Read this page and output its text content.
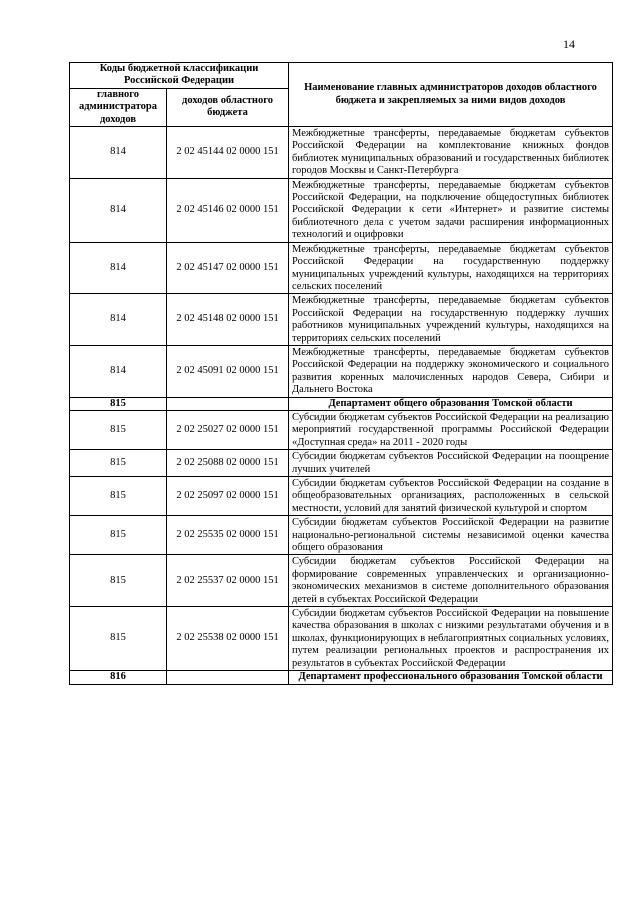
14
Коды бюджетной классификации Российской Федерации		Наименование главных администраторов доходов областного бюджета и закрепляемых за ними видов доходов
главного администратора доходов	доходов областного бюджета	
814	2 02 45144 02 0000 151	Межбюджетные трансферты, передаваемые бюджетам субъектов Российской Федерации на комплектование книжных фондов библиотек муниципальных образований и государственных библиотек городов Москвы и Санкт-Петербурга
814	2 02 45146 02 0000 151	Межбюджетные трансферты, передаваемые бюджетам субъектов Российской Федерации, на подключение общедоступных библиотек Российской Федерации к сети «Интернет» и развитие системы библиотечного дела с учетом задачи расширения информационных технологий и оцифровки
814	2 02 45147 02 0000 151	Межбюджетные трансферты, передаваемые бюджетам субъектов Российской Федерации на государственную поддержку муниципальных учреждений культуры, находящихся на территориях сельских поселений
814	2 02 45148 02 0000 151	Межбюджетные трансферты, передаваемые бюджетам субъектов Российской Федерации на государственную поддержку лучших работников муниципальных учреждений культуры, находящихся на территориях сельских поселений
814	2 02 45091 02 0000 151	Межбюджетные трансферты, передаваемые бюджетам субъектов Российской Федерации на поддержку экономического и социального развития коренных малочисленных народов Севера, Сибири и Дальнего Востока
815		Департамент общего образования Томской области
815	2 02 25027 02 0000 151	Субсидии бюджетам субъектов Российской Федерации на реализацию мероприятий государственной программы Российской Федерации «Доступная среда» на 2011 - 2020 годы
815	2 02 25088 02 0000 151	Субсидии бюджетам субъектов Российской Федерации на поощрение лучших учителей
815	2 02 25097 02 0000 151	Субсидии бюджетам субъектов Российской Федерации на создание в общеобразовательных организациях, расположенных в сельской местности, условий для занятий физической культурой и спортом
815	2 02 25535 02 0000 151	Субсидии бюджетам субъектов Российской Федерации на развитие национально-региональной системы независимой оценки качества общего образования
815	2 02 25537 02 0000 151	Субсидии бюджетам субъектов Российской Федерации на формирование современных управленческих и организационно-экономических механизмов в системе дополнительного образования детей в субъектах Российской Федерации
815	2 02 25538 02 0000 151	Субсидии бюджетам субъектов Российской Федерации на повышение качества образования в школах с низкими результатами обучения и в школах, функционирующих в неблагоприятных социальных условиях, путем реализации региональных проектов и распространения их результатов в субъектах Российской Федерации
816		Департамент профессионального образования Томской области
